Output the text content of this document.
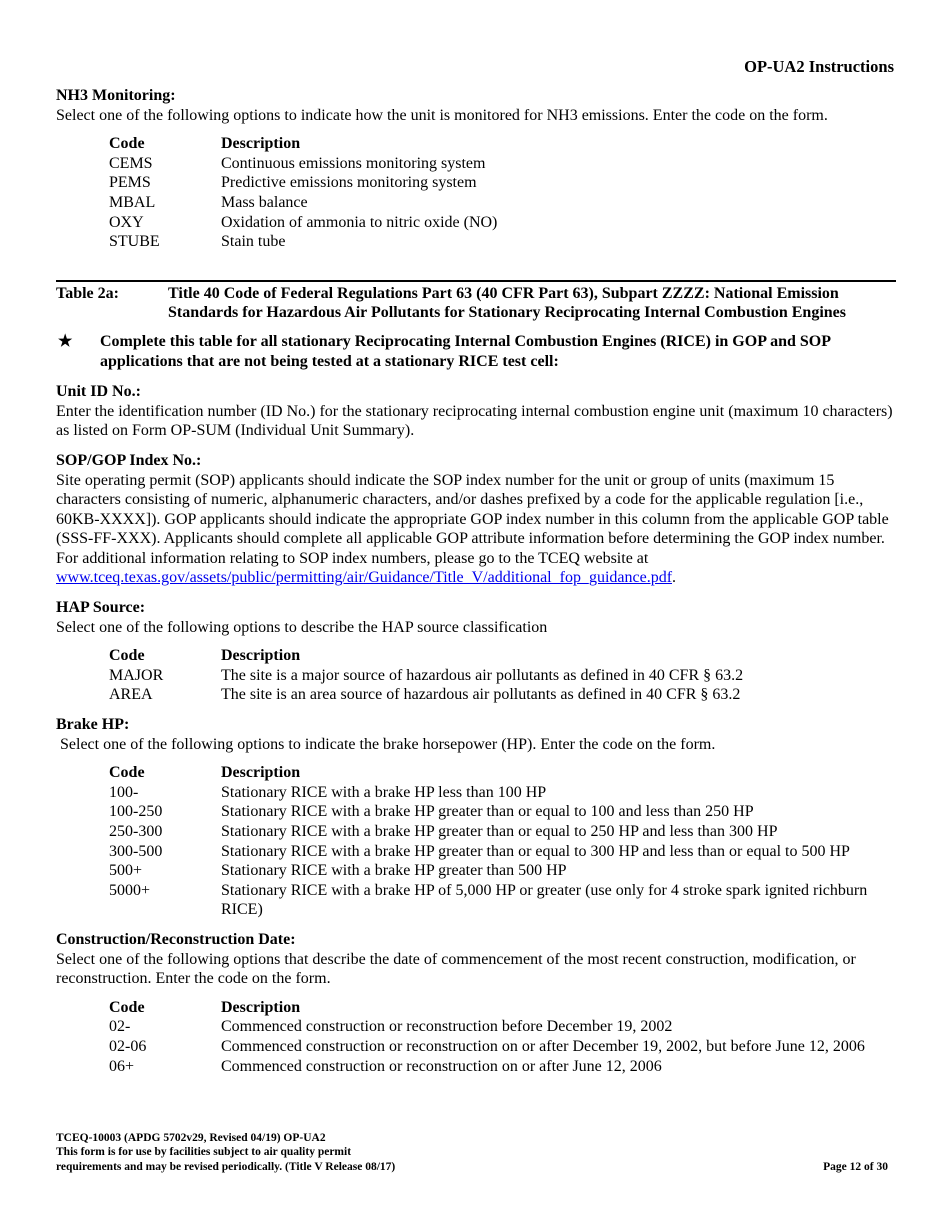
OP-UA2 Instructions

NH3 Monitoring:

Select one of the following options to indicate how the unit is monitored for NH3 emissions. Enter the code on the form.

Code	Description
CEMS	Continuous emissions monitoring system
PEMS	Predictive emissions monitoring system
MBAL	Mass balance
OXY	Oxidation of ammonia to nitric oxide (NO)
STUBE	Stain tube
Table 2a:	Title 40 Code of Federal Regulations Part 63 (40 CFR Part 63), Subpart ZZZZ: National Emission Standards for Hazardous Air Pollutants for Stationary Reciprocating Internal Combustion Engines
★	Complete this table for all stationary Reciprocating Internal Combustion Engines (RICE) in GOP and SOP applications that are not being tested at a stationary RICE test cell:

Unit ID No.:

Enter the identification number (ID No.) for the stationary reciprocating internal combustion engine unit (maximum 10 characters) as listed on Form OP-SUM (Individual Unit Summary).

SOP/GOP Index No.:

Site operating permit (SOP) applicants should indicate the SOP index number for the unit or group of units (maximum 15 characters consisting of numeric, alphanumeric characters, and/or dashes prefixed by a code for the applicable regulation [i.e., 60KB-XXXX]). GOP applicants should indicate the appropriate GOP index number in this column from the applicable GOP table (SSS-FF-XXX). Applicants should complete all applicable GOP attribute information before determining the GOP index number. For additional information relating to SOP index numbers, please go to the TCEQ website at www.tceq.texas.gov/assets/public/permitting/air/Guidance/Title_V/additional_fop_guidance.pdf.

HAP Source:

Select one of the following options to describe the HAP source classification

Code	Description
MAJOR	The site is a major source of hazardous air pollutants as defined in 40 CFR § 63.2
AREA	The site is an area source of hazardous air pollutants as defined in 40 CFR § 63.2

Brake HP:

Select one of the following options to indicate the brake horsepower (HP). Enter the code on the form.

Code	Description
100-	Stationary RICE with a brake HP less than 100 HP
100-250	Stationary RICE with a brake HP greater than or equal to 100 and less than 250 HP
250-300	Stationary RICE with a brake HP greater than or equal to 250 HP and less than 300 HP
300-500	Stationary RICE with a brake HP greater than or equal to 300 HP and less than or equal to 500 HP
500+	Stationary RICE with a brake HP greater than 500 HP
5000+	Stationary RICE with a brake HP of 5,000 HP or greater (use only for 4 stroke spark ignited richburn RICE)

Construction/Reconstruction Date:

Select one of the following options that describe the date of commencement of the most recent construction, modification, or reconstruction. Enter the code on the form.

Code	Description
02-	Commenced construction or reconstruction before December 19, 2002
02-06	Commenced construction or reconstruction on or after December 19, 2002, but before June 12, 2006
06+	Commenced construction or reconstruction on or after June 12, 2006
TCEQ-10003 (APDG 5702v29, Revised 04/19) OP-UA2
This form is for use by facilities subject to air quality permit
requirements and may be revised periodically. (Title V Release 08/17)	Page 12 of 30
